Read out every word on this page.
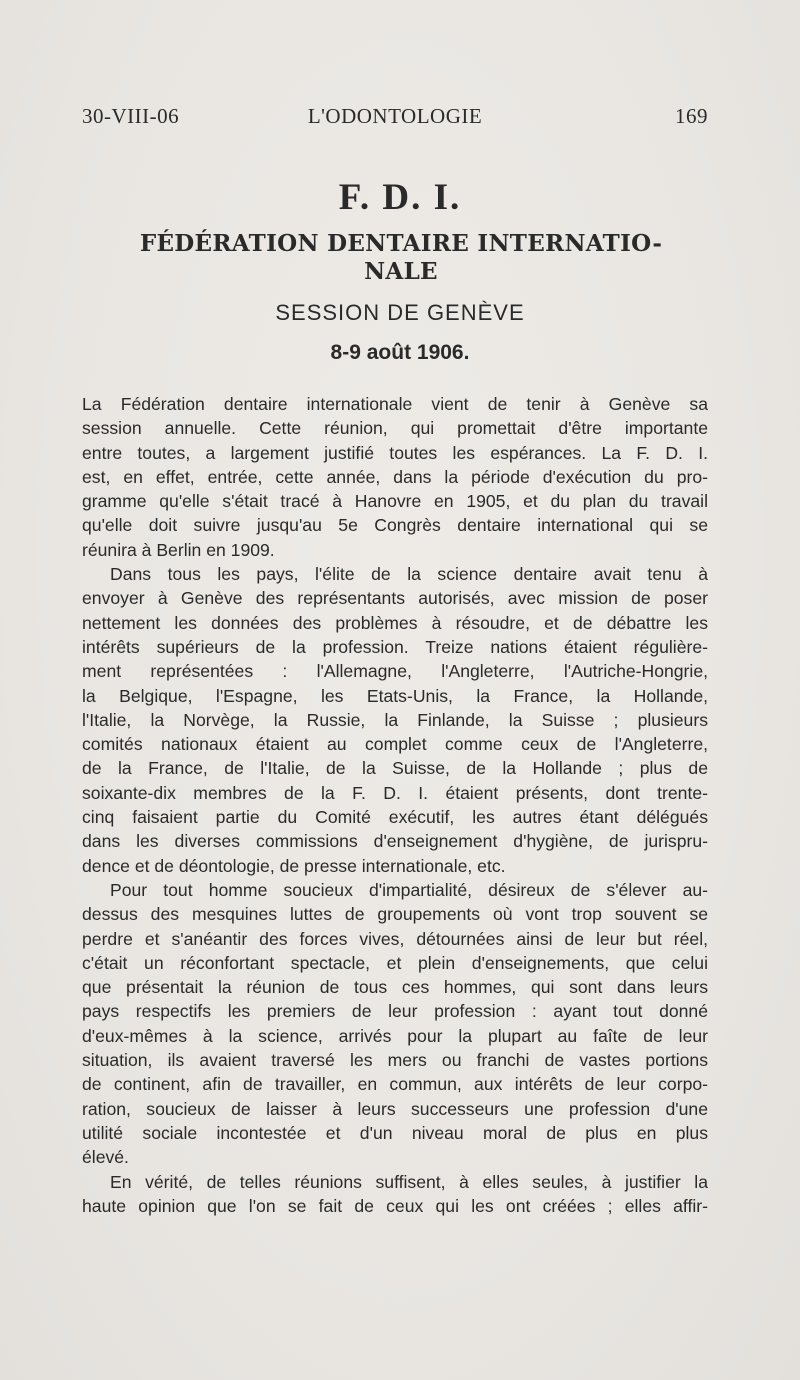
30-VIII-06	L'ODONTOLOGIE	169
F. D. I.
FÉDÉRATION DENTAIRE INTERNATIO-
NALE
SESSION DE GENÈVE
8-9 août 1906.
La Fédération dentaire internationale vient de tenir à Genève sa
session annuelle. Cette réunion, qui promettait d'être importante
entre toutes, a largement justifié toutes les espérances. La F. D. I.
est, en effet, entrée, cette année, dans la période d'exécution du pro-
gramme qu'elle s'était tracé à Hanovre en 1905, et du plan du travail
qu'elle doit suivre jusqu'au 5e Congrès dentaire international qui se
réunira à Berlin en 1909.
Dans tous les pays, l'élite de la science dentaire avait tenu à
envoyer à Genève des représentants autorisés, avec mission de poser
nettement les données des problèmes à résoudre, et de débattre les
intérêts supérieurs de la profession. Treize nations étaient régulière-
ment représentées : l'Allemagne, l'Angleterre, l'Autriche-Hongrie,
la Belgique, l'Espagne, les Etats-Unis, la France, la Hollande,
l'Italie, la Norvège, la Russie, la Finlande, la Suisse ; plusieurs
comités nationaux étaient au complet comme ceux de l'Angleterre,
de la France, de l'Italie, de la Suisse, de la Hollande ; plus de
soixante-dix membres de la F. D. I. étaient présents, dont trente-
cinq faisaient partie du Comité exécutif, les autres étant délégués
dans les diverses commissions d'enseignement d'hygiène, de jurispru-
dence et de déontologie, de presse internationale, etc.
Pour tout homme soucieux d'impartialité, désireux de s'élever au-
dessus des mesquines luttes de groupements où vont trop souvent se
perdre et s'anéantir des forces vives, détournées ainsi de leur but réel,
c'était un réconfortant spectacle, et plein d'enseignements, que celui
que présentait la réunion de tous ces hommes, qui sont dans leurs
pays respectifs les premiers de leur profession : ayant tout donné
d'eux-mêmes à la science, arrivés pour la plupart au faîte de leur
situation, ils avaient traversé les mers ou franchi de vastes portions
de continent, afin de travailler, en commun, aux intérêts de leur corpo-
ration, soucieux de laisser à leurs successeurs une profession d'une
utilité sociale incontestée et d'un niveau moral de plus en plus
élevé.
En vérité, de telles réunions suffisent, à elles seules, à justifier la
haute opinion que l'on se fait de ceux qui les ont créées ; elles affir-
